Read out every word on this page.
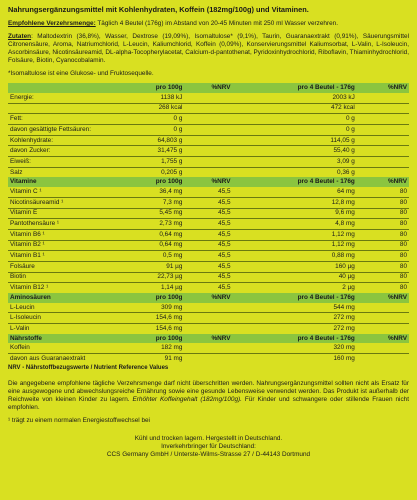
Nahrungsergänzungsmittel mit Kohlenhydraten, Koffein (182mg/100g) und Vitaminen.
Empfohlene Verzehrsmenge: Täglich 4 Beutel (176g) im Abstand von 20-45 Minuten mit 250 ml Wasser verzehren.
Zutaten: Maltodextrin (36,8%), Wasser, Dextrose (19,09%), Isomaltulose* (9,1%), Taurin, Guaranaextrakt (0,91%), Säuerungsmittel Citronensäure, Aroma, Natriumchlorid, L-Leucin, Kaliumchlorid, Koffein (0,09%), Konservierungsmittel Kaliumsorbat, L-Valin, L-Isoleucin, Ascorbinsäure, Nicotinsäureamid, DL-alpha-Tocopherylacetat, Calcium-d-pantothenat, Pyridoxinhydrochlorid, Riboflavin, Thiaminhydrochlorid, Folsäure, Biotin, Cyanocobalamin.
*Isomaltulose ist eine Glukose- und Fruktosequelle.
	pro 100g	%NRV	pro 4 Beutel - 176g	%NRV
Energie:	1138 kJ		2003 kJ	
	268 kcal		472 kcal	
Fett:	0 g		0 g	
davon gesättigte Fettsäuren:	0 g		0 g	
Kohlenhydrate:	64,803 g		114,05 g	
davon Zucker:	31,475 g		55,40 g	
Eiweiß:	1,755 g		3,09 g	
Salz	0,205 g		0,36 g	
Vitamine	pro 100g	%NRV	pro 4 Beutel - 176g	%NRV
Vitamin C ¹	36,4 mg	45,5	64 mg	80
Nicotinsäureamid ¹	7,3 mg	45,5	12,8 mg	80
Vitamin E	5,45 mg	45,5	9,6 mg	80
Pantothensäure ¹	2,73 mg	45,5	4,8 mg	80
Vitamin B6 ¹	0,64 mg	45,5	1,12 mg	80
Vitamin B2 ¹	0,64 mg	45,5	1,12 mg	80
Vitamin B1 ¹	0,5 mg	45,5	0,88 mg	80
Folsäure	91 µg	45,5	160 µg	80
Biotin	22,73 µg	45,5	40 µg	80
Vitamin B12 ¹	1,14 µg	45,5	2 µg	80
Aminosäuren	pro 100g	%NRV	pro 4 Beutel - 176g	%NRV
L-Leucin	309 mg		544 mg	
L-Isoleucin	154,6 mg		272 mg	
L-Valin	154,6 mg		272 mg	
Nährstoffe	pro 100g	%NRV	pro 4 Beutel - 176g	%NRV
Koffein	182 mg		320 mg	
davon aus Guaranaextrakt	91 mg		160 mg	
NRV - Nährstoffbezugswerte / Nutrient Reference Values
Die angegebene empfohlene tägliche Verzehrsmenge darf nicht überschritten werden. Nahrungsergänzungsmittel sollten nicht als Ersatz für eine ausgewogene und abwechslungsreiche Ernährung sowie eine gesunde Lebensweise verwendet werden. Das Produkt ist außerhalb der Reichweite von kleinen Kinder zu lagern. Erhöhter Koffeingehalt (182mg/100g). Für Kinder und schwangere oder stillende Frauen nicht empfohlen.
¹ trägt zu einem normalen Energiestoffwechsel bei
Kühl und trocken lagern. Hergestellt in Deutschland.
Inverkehrbringer für Deutschland:
CCS Germany GmbH / Unterste-Wilms-Strasse 27 / D-44143 Dortmund
